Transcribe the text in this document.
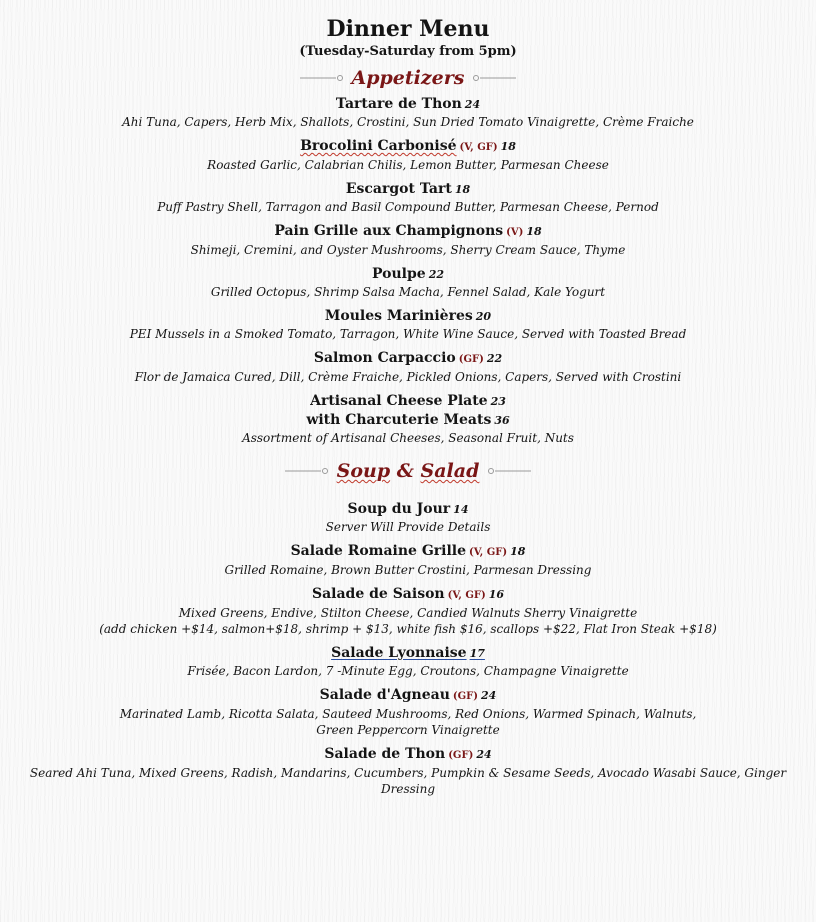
Dinner Menu
(Tuesday-Saturday from 5pm)
Appetizers
Tartare de Thon 24

Ahi Tuna, Capers, Herb Mix, Shallots, Crostini, Sun Dried Tomato Vinaigrette, Crème Fraiche

Brocolini Carbonisé (V, GF) 18

Roasted Garlic, Calabrian Chilis, Lemon Butter, Parmesan Cheese

Escargot Tart 18

Puff Pastry Shell, Tarragon and Basil Compound Butter, Parmesan Cheese, Pernod

Pain Grille aux Champignons (V) 18

Shimeji, Cremini, and Oyster Mushrooms, Sherry Cream Sauce, Thyme

Poulpe 22

Grilled Octopus, Shrimp Salsa Macha, Fennel Salad, Kale Yogurt

Moules Marinières 20

PEI Mussels in a Smoked Tomato, Tarragon, White Wine Sauce, Served with Toasted Bread

Salmon Carpaccio (GF) 22

Flor de Jamaica Cured, Dill, Crème Fraiche, Pickled Onions, Capers, Served with Crostini

Artisanal Cheese Plate 23
with Charcuterie Meats 36

Assortment of Artisanal Cheeses, Seasonal Fruit, Nuts

Soup & Salad
Soup du Jour 14

Server Will Provide Details

Salade Romaine Grille (V, GF) 18

Grilled Romaine, Brown Butter Crostini, Parmesan Dressing

Salade de Saison (V, GF) 16

Mixed Greens, Endive, Stilton Cheese, Candied Walnuts Sherry Vinaigrette

(add chicken +$14, salmon+$18, shrimp + $13, white fish $16, scallops +$22, Flat Iron Steak +$18)

Salade Lyonnaise 17

Frisée, Bacon Lardon, 7 -Minute Egg, Croutons, Champagne Vinaigrette

Salade d'Agneau (GF) 24

Marinated Lamb, Ricotta Salata, Sauteed Mushrooms, Red Onions, Warmed Spinach, Walnuts,

Green Peppercorn Vinaigrette

Salade de Thon (GF) 24

Seared Ahi Tuna, Mixed Greens, Radish, Mandarins, Cucumbers, Pumpkin & Sesame Seeds, Avocado Wasabi Sauce, Ginger

Dressing
